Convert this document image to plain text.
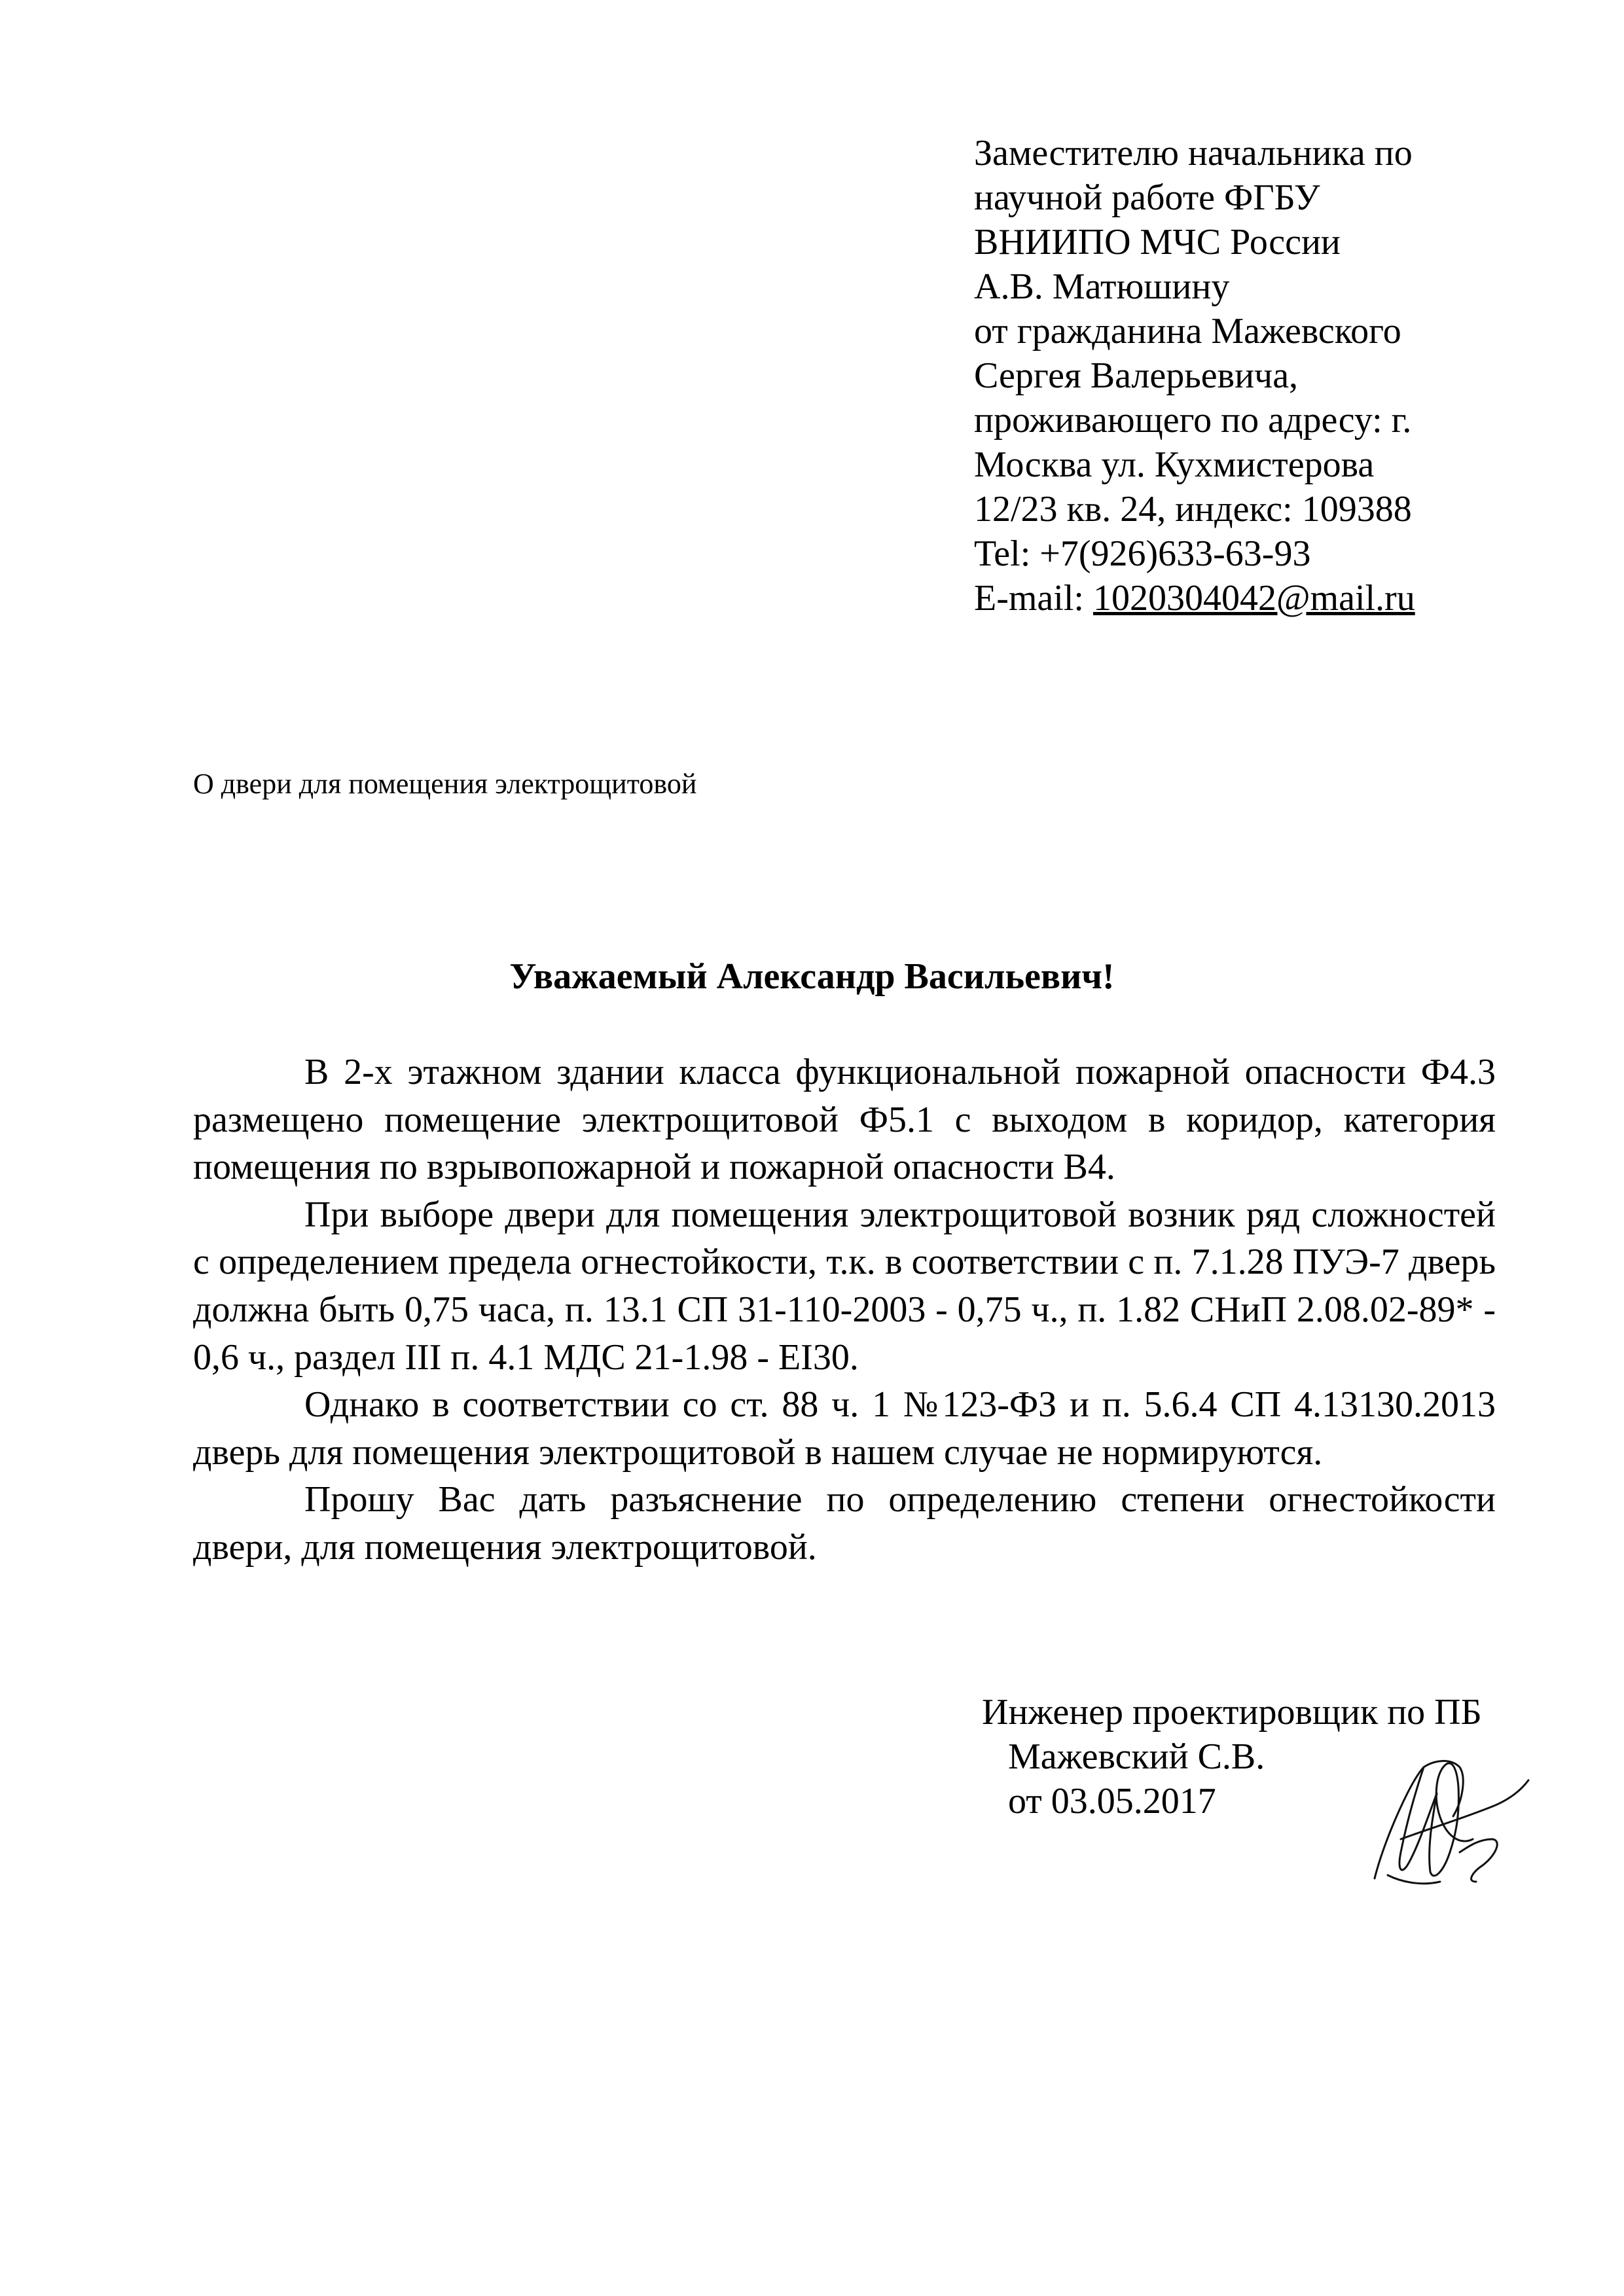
Заместителю начальника по
научной работе ФГБУ
ВНИИПО МЧС России
А.В. Матюшину
от гражданина Мажевского
Сергея Валерьевича,
проживающего по адресу: г.
Москва ул. Кухмистерова
12/23 кв. 24, индекс: 109388
Tel: +7(926)633-63-93
E-mail: 1020304042@mail.ru
О двери для помещения электрощитовой
Уважаемый Александр Васильевич!

В 2-х этажном здании класса функциональной пожарной опасности Ф4.3 размещено помещение электрощитовой Ф5.1 с выходом в коридор, категория помещения по взрывопожарной и пожарной опасности В4.

При выборе двери для помещения электрощитовой возник ряд сложностей с определением предела огнестойкости, т.к. в соответствии с п. 7.1.28 ПУЭ-7 дверь должна быть 0,75 часа, п. 13.1 СП 31-110-2003 - 0,75 ч., п. 1.82 СНиП 2.08.02-89* - 0,6 ч., раздел III п. 4.1 МДС 21-1.98 - EI30.

Однако в соответствии со ст. 88 ч. 1 №123-ФЗ и п. 5.6.4 СП 4.13130.2013 дверь для помещения электрощитовой в нашем случае не нормируются.

Прошу Вас дать разъяснение по определению степени огнестойкости двери, для помещения электрощитовой.

Инженер проектировщик по ПБ
Мажевский С.В.
от 03.05.2017
